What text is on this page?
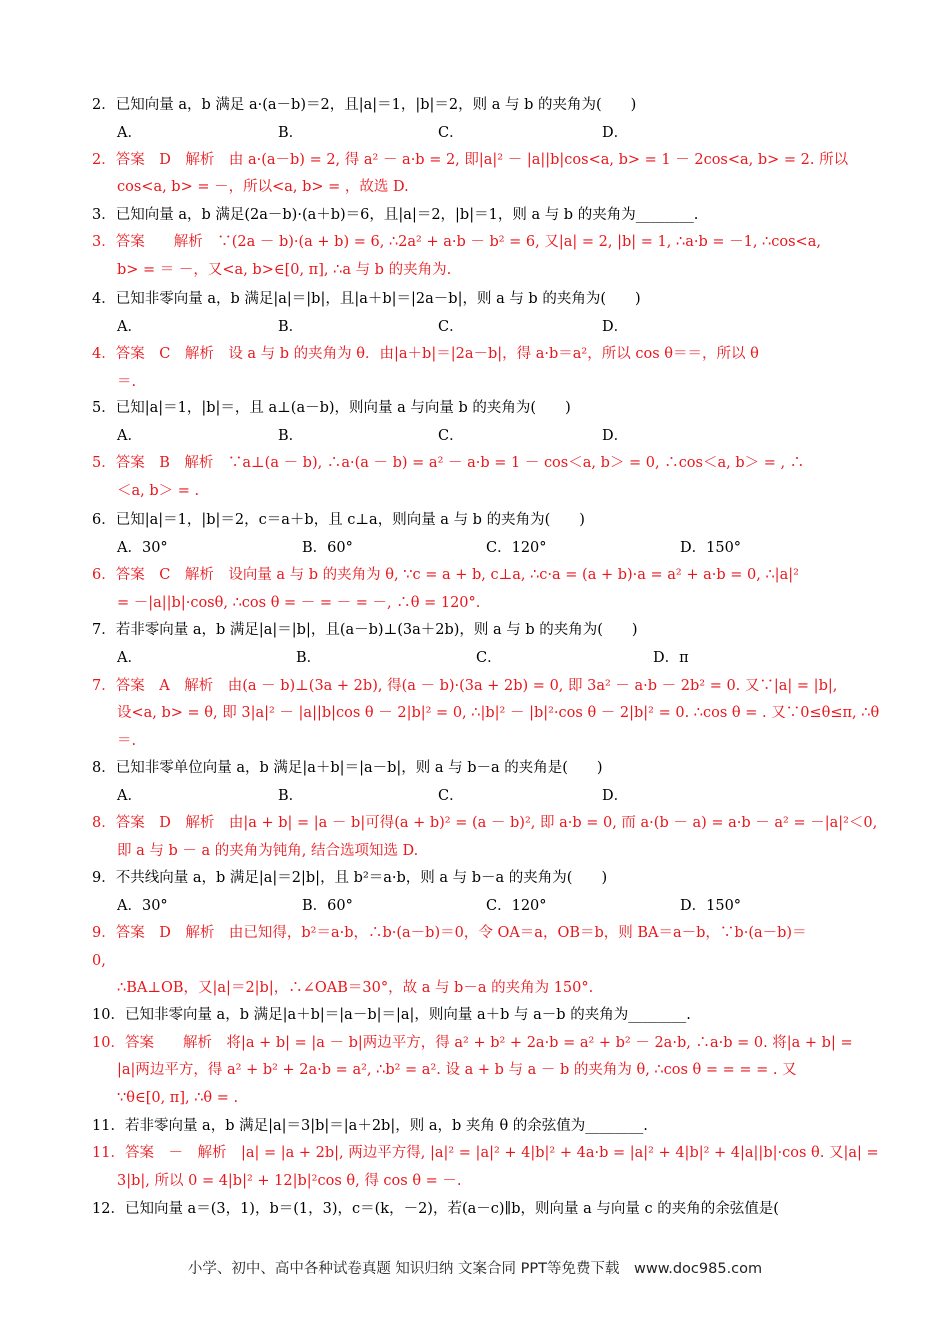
2．已知向量 a，b 满足 a·(a－b)＝2，且|a|＝1，|b|＝2，则 a 与 b 的夹角为(　　)
A．	B．	C．	D．
2．答案　D　解析　由 a·(a－b) = 2, 得 a² － a·b = 2, 即|a|² － |a||b|cos<a, b> = 1 － 2cos<a, b> = 2. 所以
cos<a, b> = －，所以<a, b> = ，故选 D.
3．已知向量 a，b 满足(2a－b)·(a＋b)＝6，且|a|＝2，|b|＝1，则 a 与 b 的夹角为________.
3．答案　　解析　∵(2a － b)·(a + b) = 6, ∴2a² + a·b － b² = 6, 又|a| = 2, |b| = 1, ∴a·b = －1, ∴cos<a,
b> = ＝ －，又<a, b>∈[0, π], ∴a 与 b 的夹角为.
4．已知非零向量 a，b 满足|a|＝|b|，且|a＋b|＝|2a－b|，则 a 与 b 的夹角为(　　)
A．	B．	C．	D．
4．答案　C　解析　设 a 与 b 的夹角为 θ．由|a＋b|＝|2a－b|，得 a·b＝a²，所以 cos θ＝＝，所以 θ
＝.
5．已知|a|＝1，|b|＝，且 a⊥(a－b)，则向量 a 与向量 b 的夹角为(　　)
A．	B．	C．	D．
5．答案　B　解析　∵a⊥(a － b), ∴a·(a － b) = a² － a·b = 1 － cos＜a, b＞ = 0, ∴cos＜a, b＞ = , ∴
＜a, b＞ = .
6．已知|a|＝1，|b|＝2，c＝a＋b，且 c⊥a，则向量 a 与 b 的夹角为(　　)
A．30°	B．60°	C．120°	D．150°
6．答案　C　解析　设向量 a 与 b 的夹角为 θ, ∵c = a + b, c⊥a, ∴c·a = (a + b)·a = a² + a·b = 0, ∴|a|²
= －|a||b|·cosθ, ∴cos θ = － = － = －, ∴θ = 120°.
7．若非零向量 a，b 满足|a|＝|b|，且(a－b)⊥(3a＋2b)，则 a 与 b 的夹角为(　　)
A．	B．	C．	D．π
7．答案　A　解析　由(a － b)⊥(3a + 2b), 得(a － b)·(3a + 2b) = 0, 即 3a² － a·b － 2b² = 0. 又∵|a| = |b|,
设<a, b> = θ, 即 3|a|² － |a||b|cos θ － 2|b|² = 0, ∴|b|² － |b|²·cos θ － 2|b|² = 0. ∴cos θ = . 又∵0≤θ≤π, ∴θ
＝.
8．已知非零单位向量 a，b 满足|a＋b|＝|a－b|，则 a 与 b－a 的夹角是(　　)
A．	B．	C．	D．
8．答案　D　解析　由|a + b| = |a － b|可得(a + b)² = (a － b)², 即 a·b = 0, 而 a·(b － a) = a·b － a² = －|a|²＜0,
即 a 与 b － a 的夹角为钝角, 结合选项知选 D.
9．不共线向量 a，b 满足|a|＝2|b|，且 b²＝a·b，则 a 与 b－a 的夹角为(　　)
A．30°	B．60°	C．120°	D．150°
9．答案　D　解析　由已知得，b²＝a·b，∴b·(a－b)＝0，令 OA＝a，OB＝b，则 BA＝a－b，∵b·(a－b)＝
0,
∴BA⊥OB，又|a|＝2|b|，∴∠OAB＝30°，故 a 与 b－a 的夹角为 150°.
10．已知非零向量 a，b 满足|a＋b|＝|a－b|＝|a|，则向量 a＋b 与 a－b 的夹角为________.
10．答案　　解析　将|a + b| = |a － b|两边平方，得 a² + b² + 2a·b = a² + b² － 2a·b, ∴a·b = 0. 将|a + b| =
|a|两边平方，得 a² + b² + 2a·b = a², ∴b² = a². 设 a + b 与 a － b 的夹角为 θ, ∴cos θ = = = = . 又
∵θ∈[0, π], ∴θ = .
11．若非零向量 a，b 满足|a|＝3|b|＝|a＋2b|，则 a，b 夹角 θ 的余弦值为________.
11．答案　－　解析　|a| = |a + 2b|, 两边平方得, |a|² = |a|² + 4|b|² + 4a·b = |a|² + 4|b|² + 4|a||b|·cos θ. 又|a| =
3|b|, 所以 0 = 4|b|² + 12|b|²cos θ, 得 cos θ = －.
12．已知向量 a＝(3，1)，b＝(1，3)，c＝(k，－2)，若(a－c)∥b，则向量 a 与向量 c 的夹角的余弦值是(
小学、初中、高中各种试卷真题 知识归纳 文案合同 PPT等免费下载　www.doc985.com
